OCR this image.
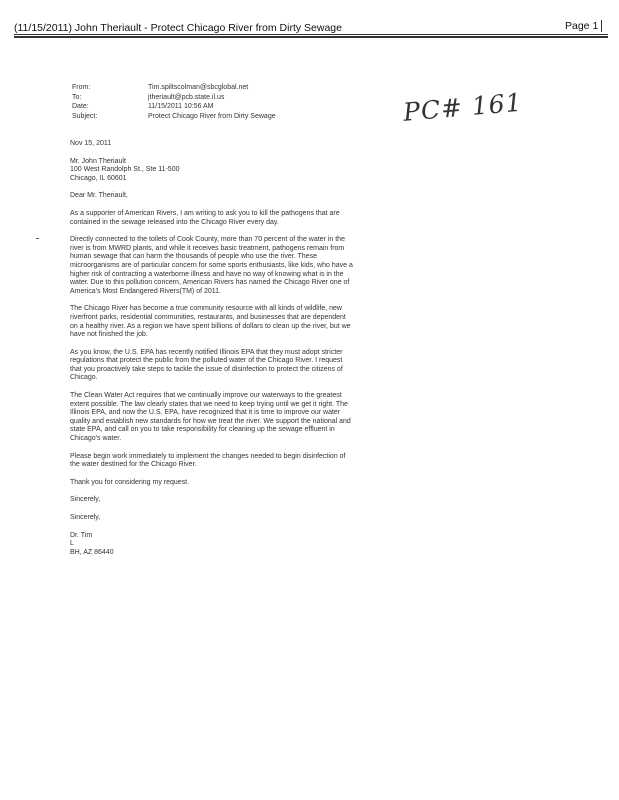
(11/15/2011) John Theriault - Protect Chicago River from Dirty Sewage	Page 1
From:	Tim.spiltscolman@sbcglobal.net
To:	jtheriault@pcb.state.il.us
Date:	11/15/2011 10:56 AM
Subject:	Protect Chicago River from Dirty Sewage	PC# 161

Nov 15, 2011

Mr. John Theriault
100 West Randolph St., Ste 11-500
Chicago, IL 60601

Dear Mr. Theriault,

As a supporter of American Rivers, I am writing to ask you to kill the pathogens that are contained in the sewage released into the Chicago River every day.

Directly connected to the toilets of Cook County, more than 70 percent of the water in the river is from MWRD plants, and while it receives basic treatment, pathogens remain from human sewage that can harm the thousands of people who use the river. These microorganisms are of particular concern for some sports enthusiasts, like kids, who have a higher risk of contracting a waterborne illness and have no way of knowing what is in the water. Due to this pollution concern, American Rivers has named the Chicago River one of America's Most Endangered Rivers(TM) of 2011.

The Chicago River has become a true community resource with all kinds of wildlife, new riverfront parks, residential communities, restaurants, and businesses that are dependent on a healthy river. As a region we have spent billions of dollars to clean up the river, but we have not finished the job.

As you know, the U.S. EPA has recently notified Illinois EPA that they must adopt stricter regulations that protect the public from the polluted water of the Chicago River. I request that you proactively take steps to tackle the issue of disinfection to protect the citizens of Chicago.

The Clean Water Act requires that we continually improve our waterways to the greatest extent possible. The law clearly states that we need to keep trying until we get it right. The Illinois EPA, and now the U.S. EPA, have recognized that it is time to improve our water quality and establish new standards for how we treat the river. We support the national and state EPA, and call on you to take responsibility for cleaning up the sewage effluent in Chicago's water.

Please begin work immediately to implement the changes needed to begin disinfection of the water destined for the Chicago River.

Thank you for considering my request.

Sincerely,

Sincerely,

Dr. Tim
L
BH, AZ 86440
